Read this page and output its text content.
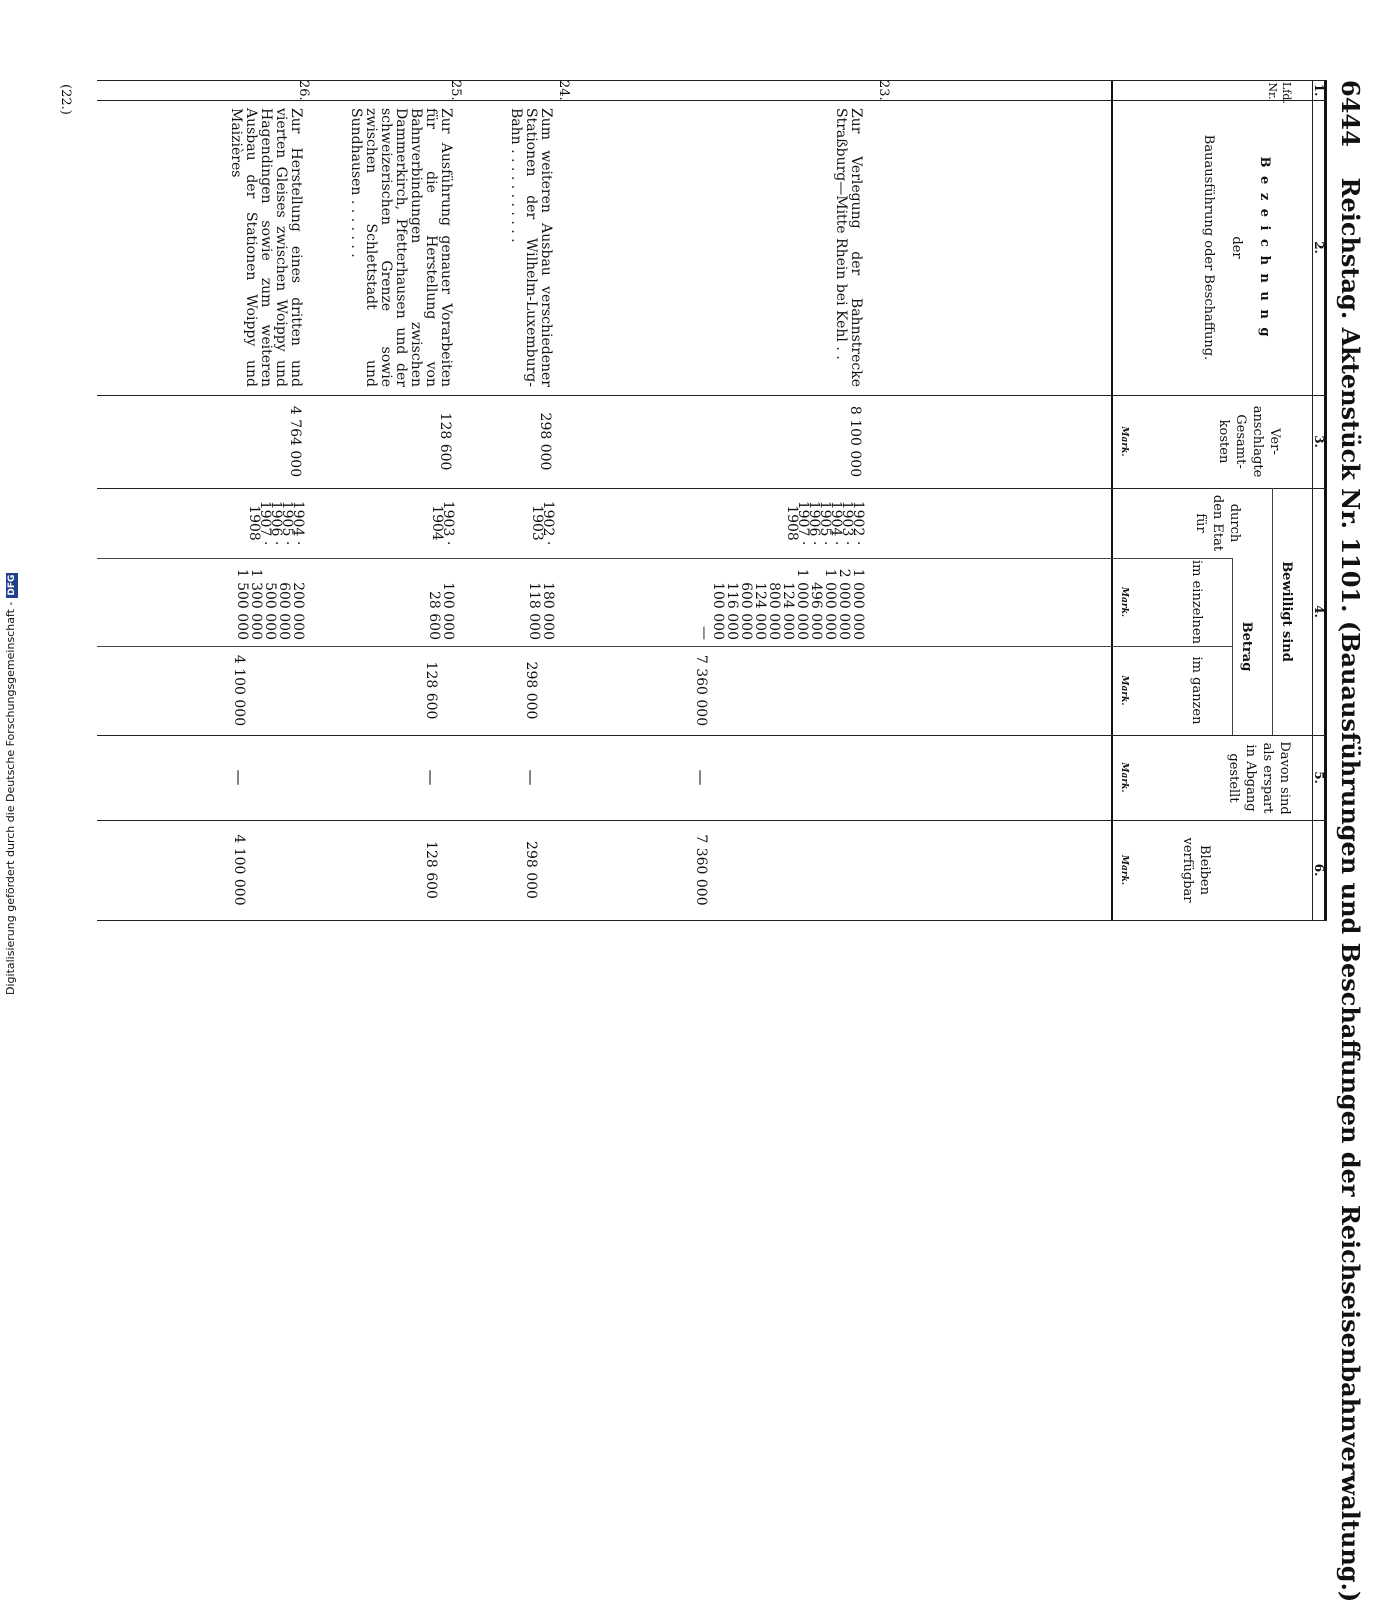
6444  Reichstag. Aktenstück Nr. 1101. (Bauausführungen und Beschaffungen der Reichseisenbahnverwaltung.)
1.
2.
3.
4.
5.
6.
Lfd. Nr.
B e z e i c h n u n g
der
Bauausführung oder Beschaffung.
Ver-anschlagte Gesamt-kosten
Mark.
Bewilligt sind
durch den Etat für
Betrag
im einzelnen
im ganzen
Mark.
Mark.
Davon sind als erspart in Abgang gestellt
Mark.
Bleiben verfügbar
Mark.
(22.)	23.
Zur Verlegung der Bahnstrecke Straßburg—Mitte Rhein bei Kehl . .
8 100 000
1902 · 1903 · 1904 · 1905 · 1906 · 1907 · 1908
1 000 000
2 000 000
1 000 000
496 000
1 000 000
124 000
800 000
124 000
600 000
116 000
100 000
—
7 360 000
—
7 360 000
24.
Zum weiteren Ausbau verschiedener Stationen der Wilhelm-Luxemburg-Bahn . . . . . . . . . . .
298 000
1902 · 1903
180 000
118 000
298 000
—
298 000
25.
Zur Ausführung genauer Vorarbeiten für die Herstellung von Bahnverbindungen zwischen Dammerkirch, Pfetterhausen und der schweizerischen Grenze sowie zwischen Schlettstadt und Sundhausen . . . . . . .
128 600
1903 · 1904
100 000
28 600
128 600
—
128 600
26.
Zur Herstellung eines dritten und vierten Gleises zwischen Woippy und Hagendingen sowie zum weiteren Ausbau der Stationen Woippy und Maizières
4 764 000
1904 · 1905 · 1906 · 1907 · 1908
200 000
600 000
500 000
1 300 000
1 500 000
4 100 000
—
4 100 000
Digitalisierung gefördert durch die Deutsche Forschungsgemeinschaft -DFG
